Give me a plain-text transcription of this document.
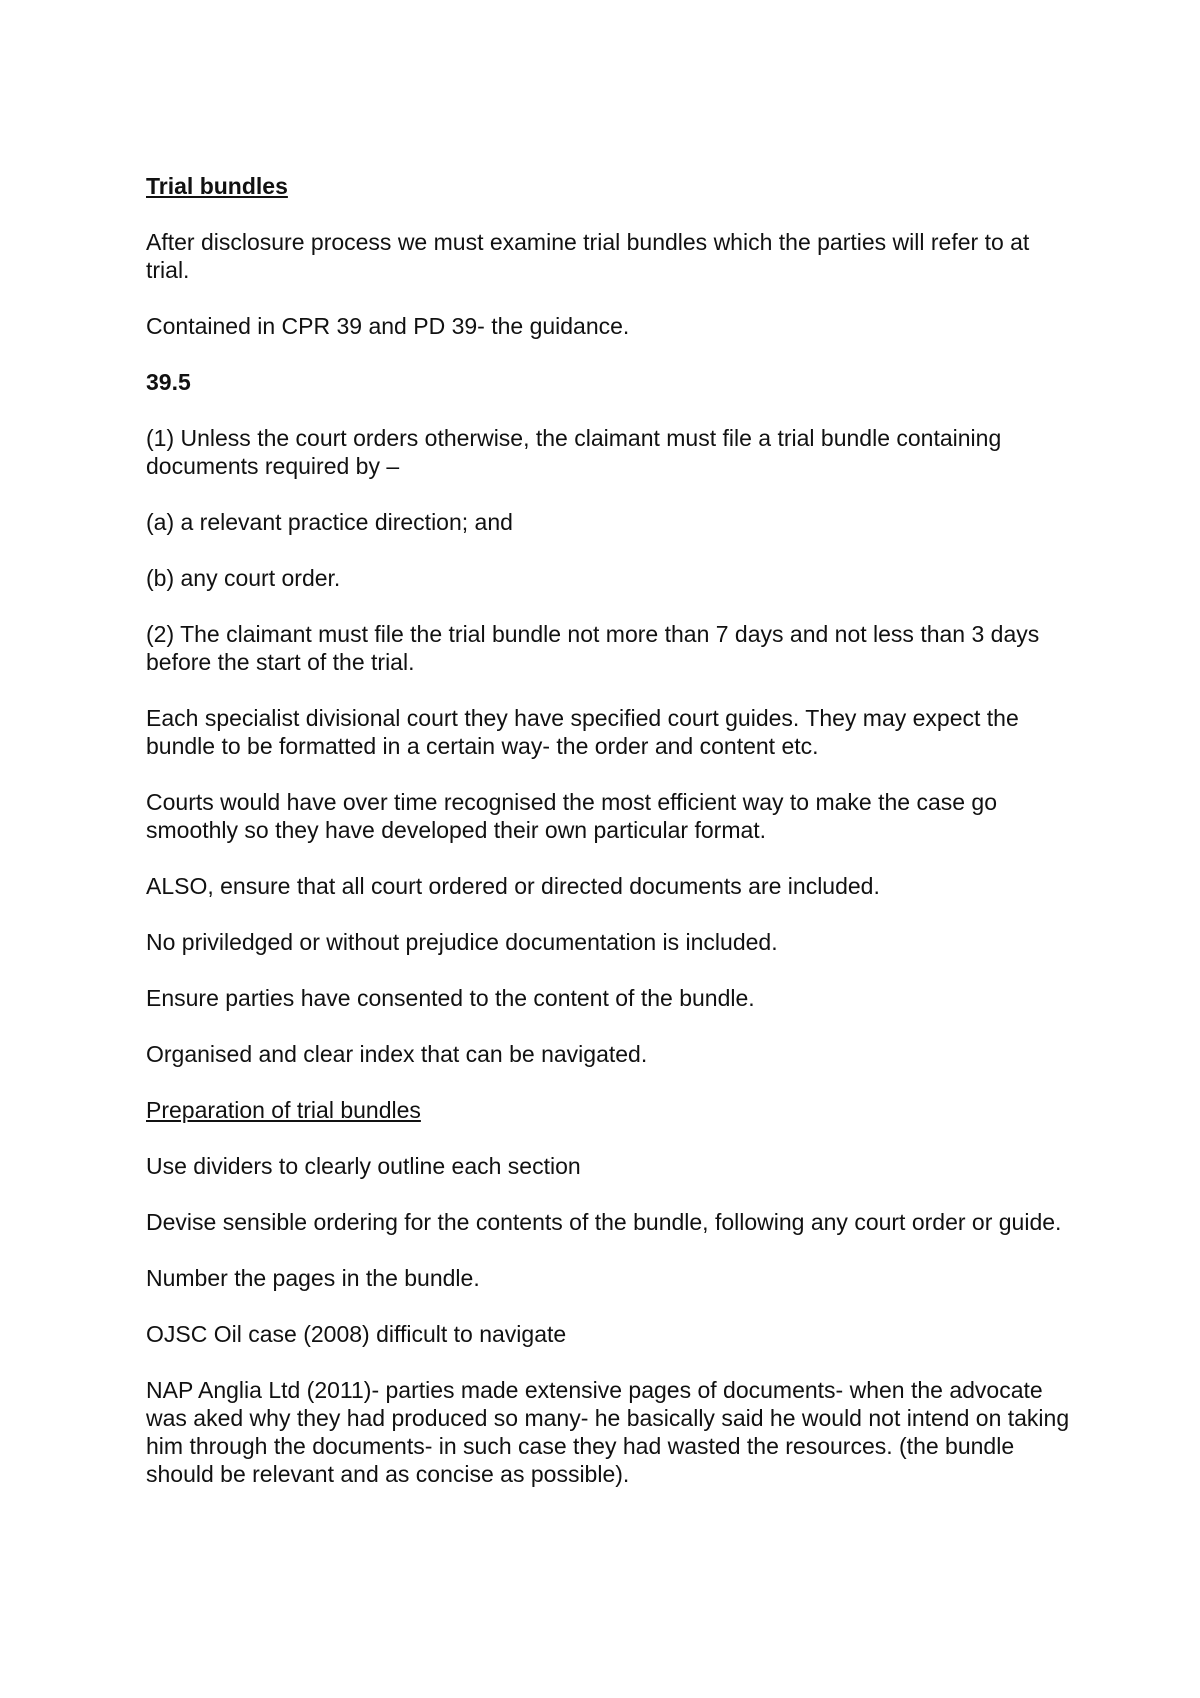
Trial bundles

After disclosure process we must examine trial bundles which the parties will refer to at trial.

Contained in CPR 39 and PD 39- the guidance.

39.5

(1) Unless the court orders otherwise, the claimant must file a trial bundle containing documents required by –

(a) a relevant practice direction; and

(b) any court order.

(2) The claimant must file the trial bundle not more than 7 days and not less than 3 days before the start of the trial.

Each specialist divisional court they have specified court guides. They may expect the bundle to be formatted in a certain way- the order and content etc.

Courts would have over time recognised the most efficient way to make the case go smoothly so they have developed their own particular format.

ALSO, ensure that all court ordered or directed documents are included.

No priviledged or without prejudice documentation is included.

Ensure parties have consented to the content of the bundle.

Organised and clear index that can be navigated.

Preparation of trial bundles

Use dividers to clearly outline each section

Devise sensible ordering for the contents of the bundle, following any court order or guide.

Number the pages in the bundle.

OJSC Oil case (2008) difficult to navigate

NAP Anglia Ltd (2011)- parties made extensive pages of documents- when the advocate was aked why they had produced so many- he basically said he would not intend on taking him through the documents- in such case they had wasted the resources. (the bundle should be relevant and as concise as possible).
